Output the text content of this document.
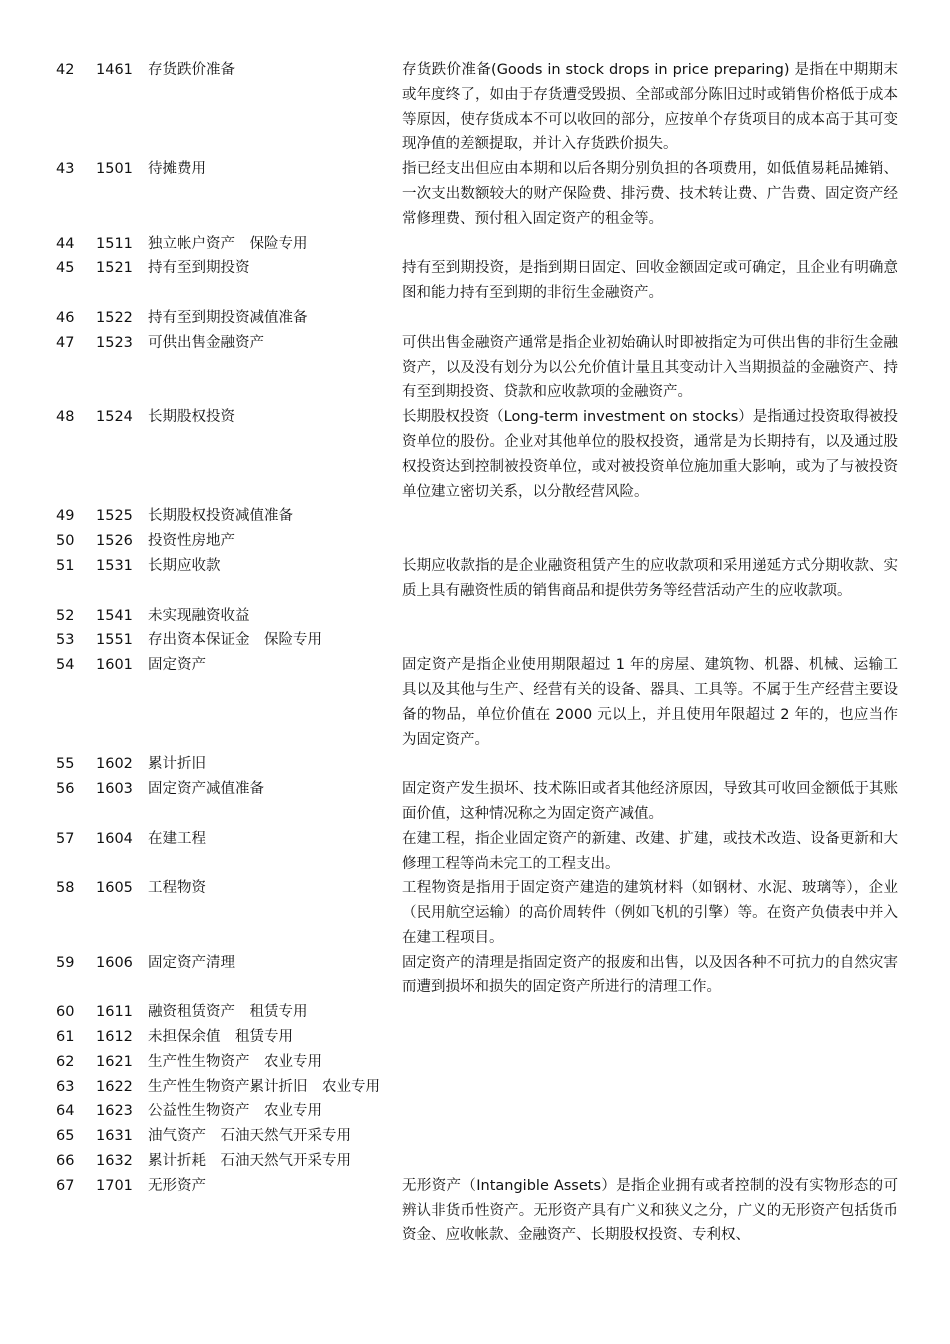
42	1461	存货跌价准备	存货跌价准备(Goods in stock drops in price preparing) 是指在中期期末或年度终了，如由于存货遭受毁损、全部或部分陈旧过时或销售价格低于成本等原因，使存货成本不可以收回的部分，应按单个存货项目的成本高于其可变现净值的差额提取，并计入存货跌价损失。
43	1501	待摊费用	指已经支出但应由本期和以后各期分别负担的各项费用，如低值易耗品摊销、一次支出数额较大的财产保险费、排污费、技术转让费、广告费、固定资产经常修理费、预付租入固定资产的租金等。
44	1511	独立帐户资产　保险专用
45	1521	持有至到期投资	持有至到期投资，是指到期日固定、回收金额固定或可确定，且企业有明确意图和能力持有至到期的非衍生金融资产。
46	1522	持有至到期投资减值准备
47	1523	可供出售金融资产	可供出售金融资产通常是指企业初始确认时即被指定为可供出售的非衍生金融资产，以及没有划分为以公允价值计量且其变动计入当期损益的金融资产、持有至到期投资、贷款和应收款项的金融资产。
48	1524	长期股权投资	长期股权投资（Long-term investment on stocks）是指通过投资取得被投资单位的股份。企业对其他单位的股权投资，通常是为长期持有，以及通过股权投资达到控制被投资单位，或对被投资单位施加重大影响，或为了与被投资单位建立密切关系，以分散经营风险。
49	1525	长期股权投资减值准备
50	1526	投资性房地产
51	1531	长期应收款	长期应收款指的是企业融资租赁产生的应收款项和采用递延方式分期收款、实质上具有融资性质的销售商品和提供劳务等经营活动产生的应收款项。
52	1541	未实现融资收益
53	1551	存出资本保证金　保险专用
54	1601	固定资产	固定资产是指企业使用期限超过 1 年的房屋、建筑物、机器、机械、运输工具以及其他与生产、经营有关的设备、器具、工具等。不属于生产经营主要设备的物品，单位价值在 2000 元以上，并且使用年限超过 2 年的，也应当作为固定资产。
55	1602	累计折旧
56	1603	固定资产减值准备	固定资产发生损坏、技术陈旧或者其他经济原因，导致其可收回金额低于其账面价值，这种情况称之为固定资产减值。
57	1604	在建工程	在建工程，指企业固定资产的新建、改建、扩建，或技术改造、设备更新和大修理工程等尚未完工的工程支出。
58	1605	工程物资	工程物资是指用于固定资产建造的建筑材料（如钢材、水泥、玻璃等），企业（民用航空运输）的高价周转件（例如飞机的引擎）等。在资产负债表中并入在建工程项目。
59	1606	固定资产清理	固定资产的清理是指固定资产的报废和出售，以及因各种不可抗力的自然灾害而遭到损坏和损失的固定资产所进行的清理工作。
60	1611	融资租赁资产　租赁专用
61	1612	未担保余值　租赁专用
62	1621	生产性生物资产　农业专用
63	1622	生产性生物资产累计折旧　农业专用
64	1623	公益性生物资产　农业专用
65	1631	油气资产　石油天然气开采专用
66	1632	累计折耗　石油天然气开采专用
67	1701	无形资产	无形资产（Intangible Assets）是指企业拥有或者控制的没有实物形态的可辨认非货币性资产。无形资产具有广义和狭义之分，广义的无形资产包括货币资金、应收帐款、金融资产、长期股权投资、专利权、
